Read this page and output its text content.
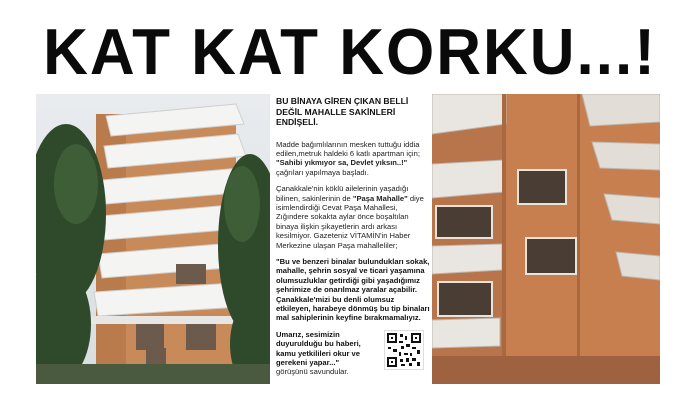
KAT KAT KORKU...!

BU BİNAYA GİREN ÇIKAN BELLİ DEĞİL MAHALLE SAKİNLERİ ENDİŞELİ.

Madde bağımlılarının mesken tuttuğu iddia edilen,metruk haldeki 6 katlı apartman için; "Sahibi yıkmıyor sa, Devlet yıksın..!" çağrıları yapılmaya başladı.

Çanakkale'nin köklü ailelerinin yaşadığı bilinen, sakinlerinin de "Paşa Mahalle" diye isimlendirdiği Cevat Paşa Mahallesi, Zığındere sokakta aylar önce boşaltılan binaya ilişkin şikayetlerin ardı arkası kesilmiyor. Gazeteniz VİTAMİN'in Haber Merkezine ulaşan Paşa mahalleliler;

"Bu ve benzeri binalar bulundukları sokak, mahalle, şehrin sosyal ve ticari yaşamına olumsuzluklar getirdiği gibi yaşadığımız şehrimize de onarılmaz yaralar açabilir. Çanakkale'mizi bu denli olumsuz etkileyen, harabeye dönmüş bu tip binaları mal sahiplerinin keyfine bırakmamalıyız.

Umarız, sesimizin duyurulduğu bu haberi, kamu yetkilileri okur ve gerekeni yapar..."

görüşünü savundular.
